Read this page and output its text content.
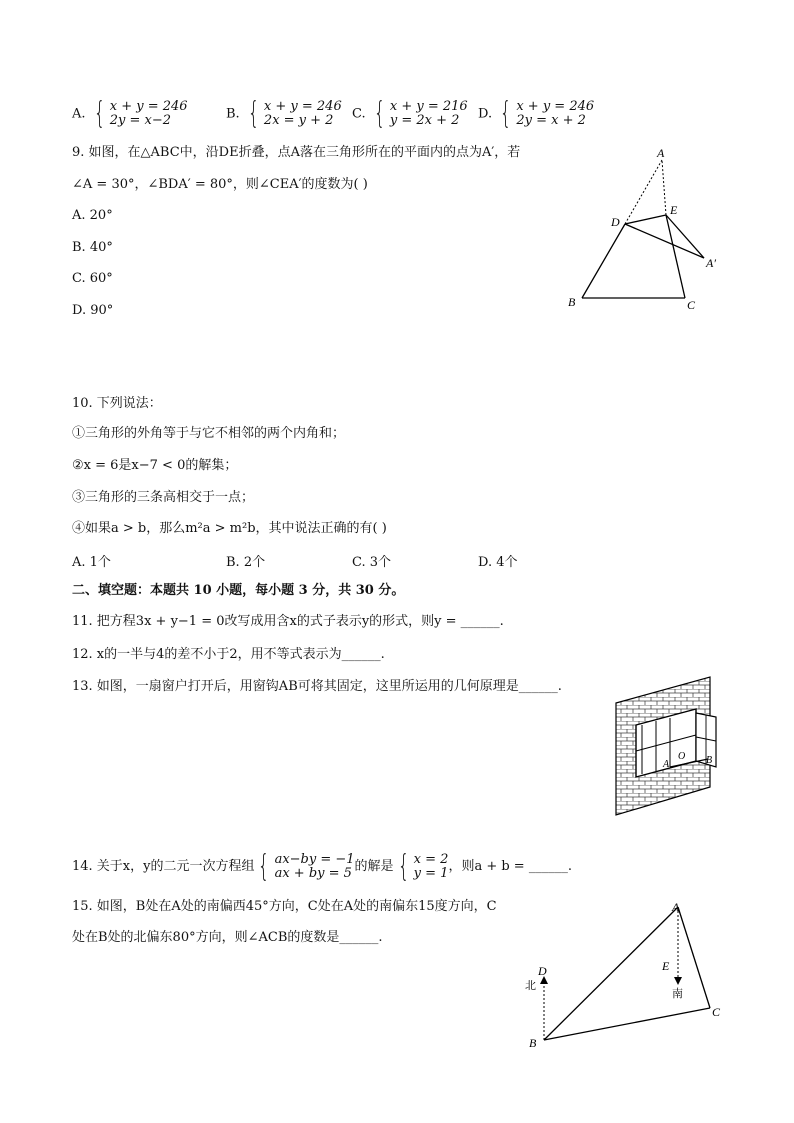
A. { x + y = 246
2y = x−2	B. { x + y = 246
2x = y + 2	C. { x + y = 216
y = 2x + 2	D. { x + y = 246
2y = x + 2
9. 如图，在△ABC中，沿DE折叠，点A落在三角形所在的平面内的点为A′，若
∠A = 30°，∠BDA′ = 80°，则∠CEA′的度数为( )
A. 20°
B. 40°
C. 60°
D. 90°
A
D
E
A′
B	C
10. 下列说法：
①三角形的外角等于与它不相邻的两个内角和；
②x = 6是x−7 < 0的解集；
③三角形的三条高相交于一点；
④如果a > b，那么m²a > m²b，其中说法正确的有( )
A. 1个	B. 2个	C. 3个	D. 4个
二、填空题：本题共 10 小题，每小题 3 分，共 30 分。
11. 把方程3x + y−1 = 0改写成用含x的式子表示y的形式，则y = ______.
12. x的一半与4的差不小于2，用不等式表示为______.
13. 如图，一扇窗户打开后，用窗钩AB可将其固定，这里所运用的几何原理是______.
A
O B
14. 关于x，y的二元一次方程组 { ax−by = −1
ax + by = 5 的解是 { x = 2
y = 1 ，则a + b = ______.
15. 如图，B处在A处的南偏西45°方向，C处在A处的南偏东15度方向，C
处在B处的北偏东80°方向，则∠ACB的度数是______.
A
E
D
B
C
北
南
